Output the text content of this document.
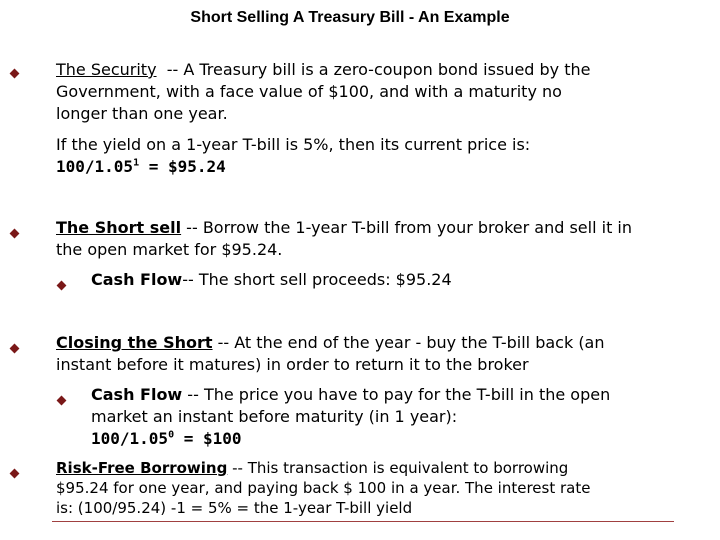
Short Selling A Treasury Bill - An Example
The Security -- A Treasury bill is a zero-coupon bond issued by the
Government, with a face value of $100, and with a maturity no
longer than one year.
If the yield on a 1-year T-bill is 5%, then its current price is:
$100/1.05^1$ = $95.24
The Short sell -- Borrow the 1-year T-bill from your broker and sell it in
the open market for $95.24.
Cash Flow-- The short sell proceeds: $95.24
Closing the Short -- At the end of the year - buy the T-bill back (an
instant before it matures) in order to return it to the broker
Cash Flow -- The price you have to pay for the T-bill in the open
market an instant before maturity (in 1 year):
$100/1.05^0$ = $100
Risk-Free Borrowing -- This transaction is equivalent to borrowing
$95.24 for one year, and paying back $ 100 in a year. The interest rate
is: (100/95.24) -1 = 5% = the 1-year T-bill yield
